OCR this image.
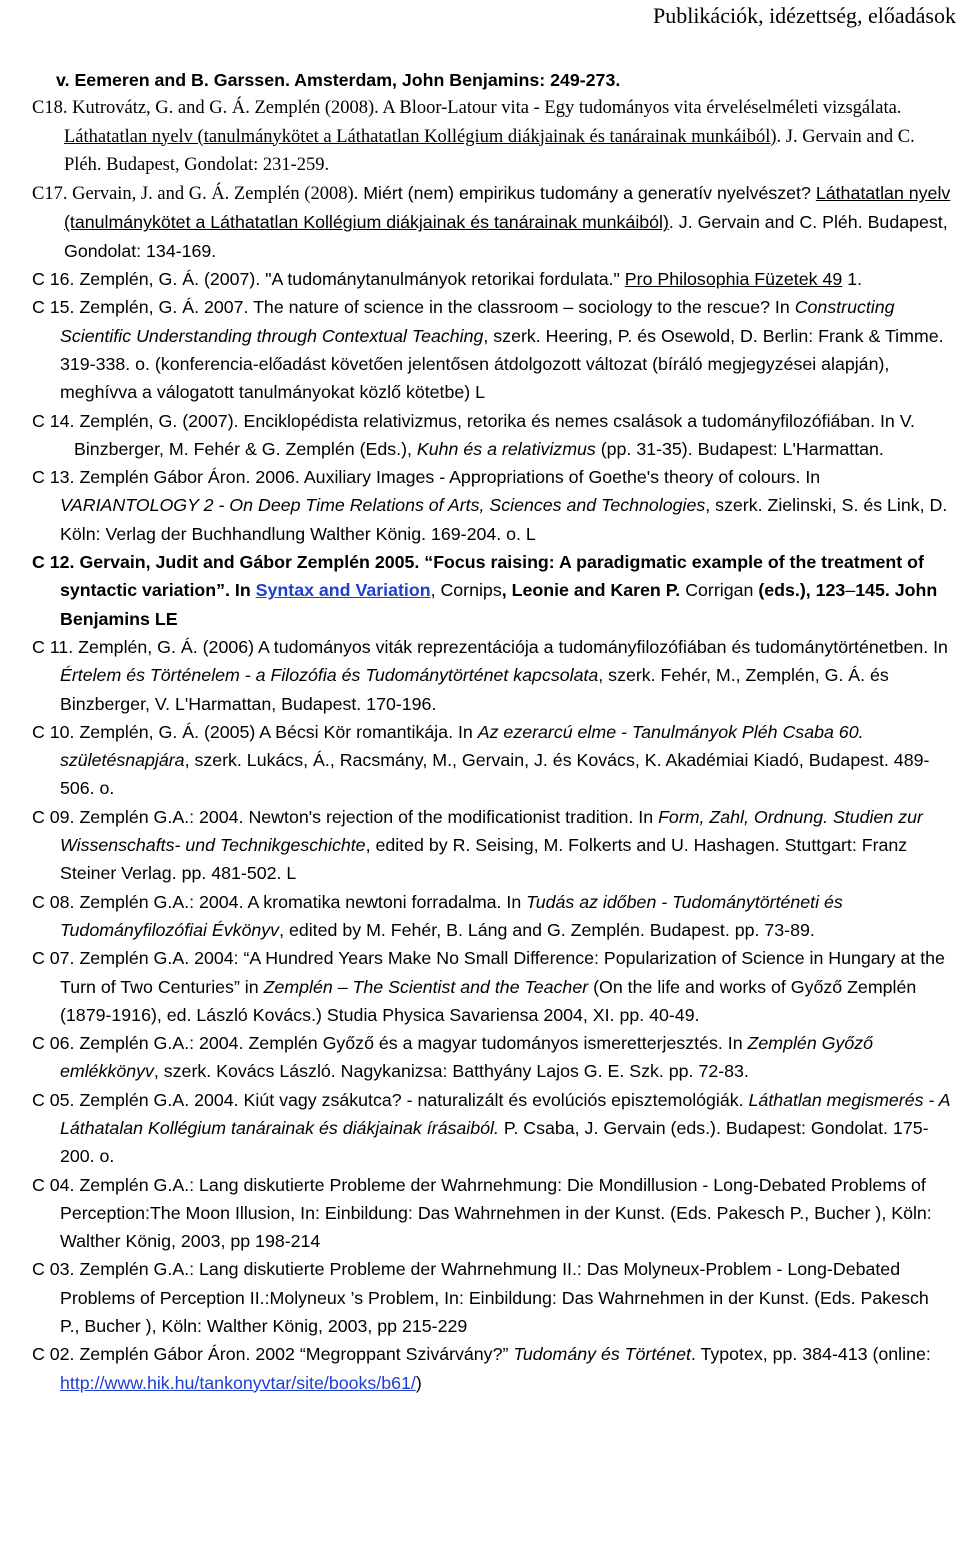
Publikációk, idézettség, előadások

v. Eemeren and B. Garssen. Amsterdam, John Benjamins: 249-273.

C18. Kutrovátz, G. and G. Á. Zemplén (2008). A Bloor-Latour vita - Egy tudományos vita érveléselméleti vizsgálata. Láthatatlan nyelv (tanulmánykötet a Láthatatlan Kollégium diákjainak és tanárainak munkáiból). J. Gervain and C. Pléh. Budapest, Gondolat: 231-259.

C17. Gervain, J. and G. Á. Zemplén (2008). Miért (nem) empirikus tudomány a generatív nyelvészet? Láthatatlan nyelv (tanulmánykötet a Láthatatlan Kollégium diákjainak és tanárainak munkáiból). J. Gervain and C. Pléh. Budapest, Gondolat: 134-169.

C 16. Zemplén, G. Á. (2007). "A tudománytanulmányok retorikai fordulata." Pro Philosophia Füzetek 49 1.

C 15. Zemplén, G. Á. 2007. The nature of science in the classroom – sociology to the rescue? In Constructing Scientific Understanding through Contextual Teaching, szerk. Heering, P. és Osewold, D. Berlin: Frank & Timme. 319-338. o. (konferencia-előadást követően jelentősen átdolgozott változat (bíráló megjegyzései alapján), meghívva a válogatott tanulmányokat közlő kötetbe) L

C 14. Zemplén, G. (2007). Enciklopédista relativizmus, retorika és nemes csalások a tudományfilozófiában. In V. Binzberger, M. Fehér & G. Zemplén (Eds.), Kuhn és a relativizmus (pp. 31-35). Budapest: L'Harmattan.

C 13. Zemplén Gábor Áron. 2006. Auxiliary Images - Appropriations of Goethe's theory of colours. In VARIANTOLOGY 2 - On Deep Time Relations of Arts, Sciences and Technologies, szerk. Zielinski, S. és Link, D. Köln: Verlag der Buchhandlung Walther König. 169-204. o. L

C 12. Gervain, Judit and Gábor Zemplén 2005. “Focus raising: A paradigmatic example of the treatment of syntactic variation”. In Syntax and Variation, Cornips, Leonie and Karen P. Corrigan (eds.), 123–145. John Benjamins LE

C 11. Zemplén, G. Á. (2006) A tudományos viták reprezentációja a tudományfilozófiában és tudománytörténetben. In Értelem és Történelem - a Filozófia és Tudománytörténet kapcsolata, szerk. Fehér, M., Zemplén, G. Á. és Binzberger, V. L'Harmattan, Budapest. 170-196.

C 10. Zemplén, G. Á. (2005) A Bécsi Kör romantikája. In Az ezerarcú elme - Tanulmányok Pléh Csaba 60. születésnapjára, szerk. Lukács, Á., Racsmány, M., Gervain, J. és Kovács, K. Akadémiai Kiadó, Budapest. 489-506. o.

C 09. Zemplén G.A.: 2004. Newton's rejection of the modificationist tradition. In Form, Zahl, Ordnung. Studien zur Wissenschafts- und Technikgeschichte, edited by R. Seising, M. Folkerts and U. Hashagen. Stuttgart: Franz Steiner Verlag. pp. 481-502. L

C 08. Zemplén G.A.: 2004. A kromatika newtoni forradalma. In Tudás az időben - Tudománytörténeti és Tudományfilozófiai Évkönyv, edited by M. Fehér, B. Láng and G. Zemplén. Budapest. pp. 73-89.

C 07. Zemplén G.A. 2004: “A Hundred Years Make No Small Difference: Popularization of Science in Hungary at the Turn of Two Centuries” in Zemplén – The Scientist and the Teacher (On the life and works of Győző Zemplén (1879-1916), ed. László Kovács.) Studia Physica Savariensa 2004, XI. pp. 40-49.

C 06. Zemplén G.A.: 2004. Zemplén Győző és a magyar tudományos ismeretterjesztés. In Zemplén Győző emlékkönyv, szerk. Kovács László. Nagykanizsa: Batthyány Lajos G. E. Szk. pp. 72-83.

C 05. Zemplén G.A. 2004. Kiút vagy zsákutca? - naturalizált és evolúciós episztemológiák. Láthatlan megismerés - A Láthatalan Kollégium tanárainak és diákjainak írásaiból. P. Csaba, J. Gervain (eds.). Budapest: Gondolat. 175-200. o.

C 04. Zemplén G.A.: Lang diskutierte Probleme der Wahrnehmung: Die Mondillusion - Long-Debated Problems of Perception:The Moon Illusion, In: Einbildung: Das Wahrnehmen in der Kunst. (Eds. Pakesch P., Bucher ), Köln: Walther König, 2003, pp 198-214

C 03. Zemplén G.A.: Lang diskutierte Probleme der Wahrnehmung II.: Das Molyneux-Problem - Long-Debated Problems of Perception II.:Molyneux ’s Problem, In: Einbildung: Das Wahrnehmen in der Kunst. (Eds. Pakesch P., Bucher ), Köln: Walther König, 2003, pp 215-229

C 02. Zemplén Gábor Áron. 2002 “Megroppant Szivárvány?” Tudomány és Történet. Typotex, pp. 384-413 (online: http://www.hik.hu/tankonyvtar/site/books/b61/)
